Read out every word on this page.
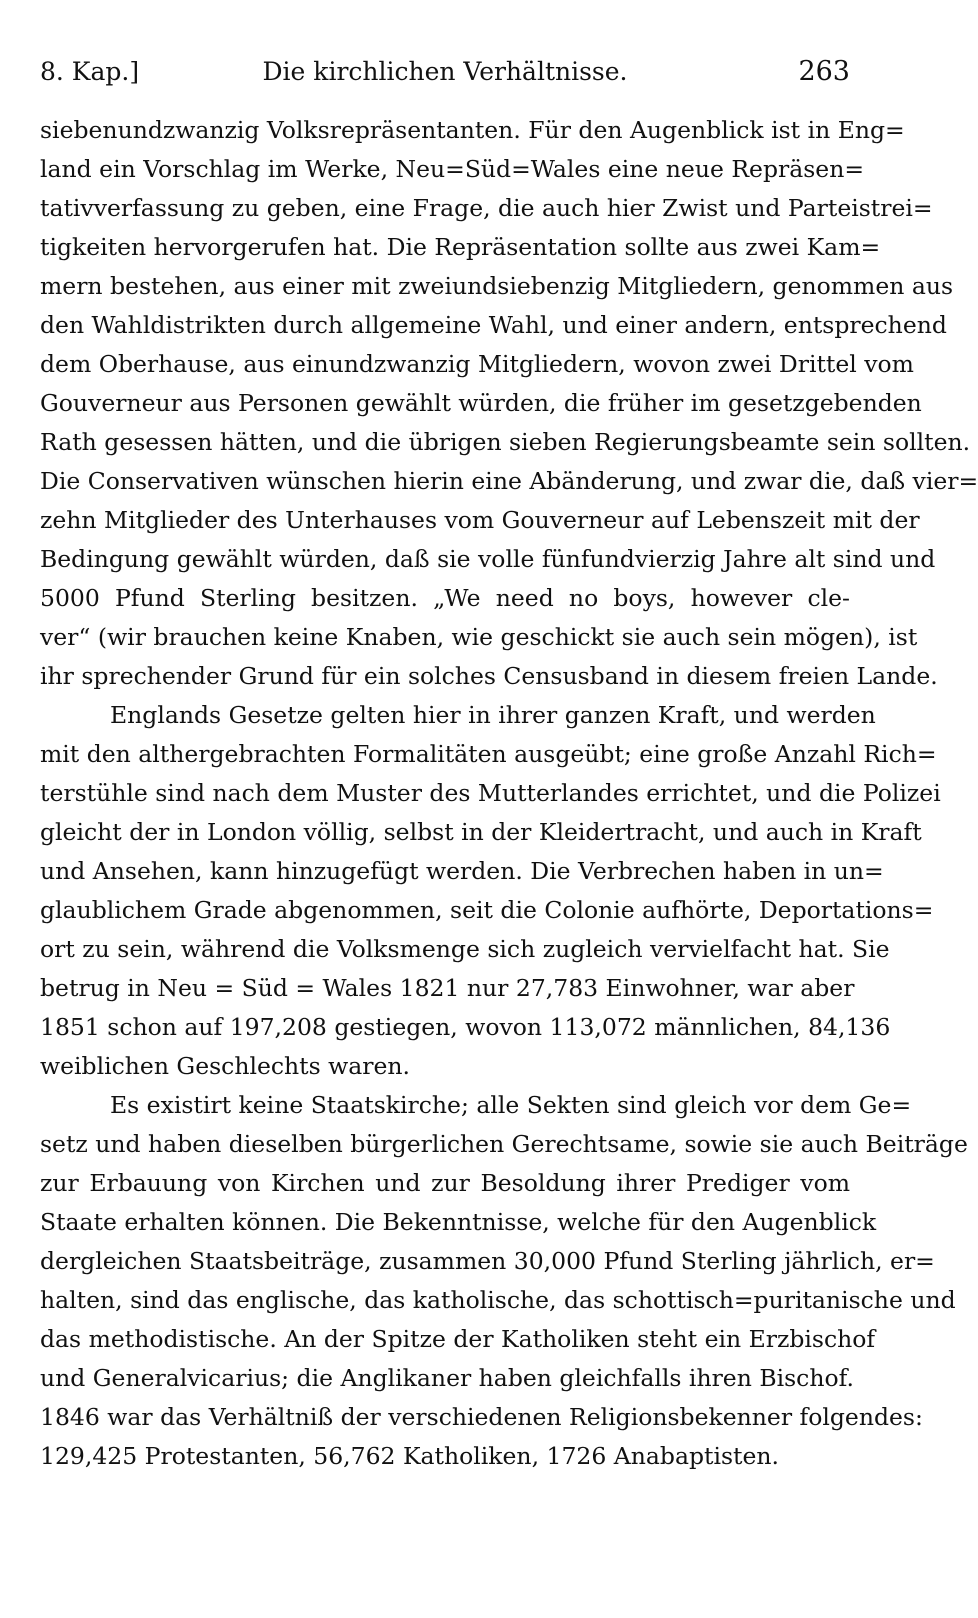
Die kirchlichen Verhältnisse.
8. Kap.]	263
siebenundzwanzig Volksrepräsentanten. Für den Augenblick ist in Eng=
land ein Vorschlag im Werke, Neu=Süd=Wales eine neue Repräsen=
tativverfassung zu geben, eine Frage, die auch hier Zwist und Parteistrei=
tigkeiten hervorgerufen hat. Die Repräsentation sollte aus zwei Kam=
mern bestehen, aus einer mit zweiundsiebenzig Mitgliedern, genommen aus
den Wahldistrikten durch allgemeine Wahl, und einer andern, entsprechend
dem Oberhause, aus einundzwanzig Mitgliedern, wovon zwei Drittel vom
Gouverneur aus Personen gewählt würden, die früher im gesetzgebenden
Rath gesessen hätten, und die übrigen sieben Regierungsbeamte sein sollten.
Die Conservativen wünschen hierin eine Abänderung, und zwar die, daß vier=
zehn Mitglieder des Unterhauses vom Gouverneur auf Lebenszeit mit der
Bedingung gewählt würden, daß sie volle fünfundvierzig Jahre alt sind und
5000 Pfund Sterling besitzen. „We need no boys, however cle-
ver“ (wir brauchen keine Knaben, wie geschickt sie auch sein mögen), ist
ihr sprechender Grund für ein solches Censusband in diesem freien Lande.
Englands Gesetze gelten hier in ihrer ganzen Kraft, und werden
mit den althergebrachten Formalitäten ausgeübt; eine große Anzahl Rich=
terstühle sind nach dem Muster des Mutterlandes errichtet, und die Polizei
gleicht der in London völlig, selbst in der Kleidertracht, und auch in Kraft
und Ansehen, kann hinzugefügt werden. Die Verbrechen haben in un=
glaublichem Grade abgenommen, seit die Colonie aufhörte, Deportations=
ort zu sein, während die Volksmenge sich zugleich vervielfacht hat. Sie
betrug in Neu = Süd = Wales 1821 nur 27,783 Einwohner, war aber
1851 schon auf 197,208 gestiegen, wovon 113,072 männlichen, 84,136
weiblichen Geschlechts waren.
Es existirt keine Staatskirche; alle Sekten sind gleich vor dem Ge=
setz und haben dieselben bürgerlichen Gerechtsame, sowie sie auch Beiträge
zur Erbauung von Kirchen und zur Besoldung ihrer Prediger vom
Staate erhalten können. Die Bekenntnisse, welche für den Augenblick
dergleichen Staatsbeiträge, zusammen 30,000 Pfund Sterling jährlich, er=
halten, sind das englische, das katholische, das schottisch=puritanische und
das methodistische. An der Spitze der Katholiken steht ein Erzbischof
und Generalvicarius; die Anglikaner haben gleichfalls ihren Bischof.
1846 war das Verhältniß der verschiedenen Religionsbekenner folgendes:
129,425 Protestanten, 56,762 Katholiken, 1726 Anabaptisten.
